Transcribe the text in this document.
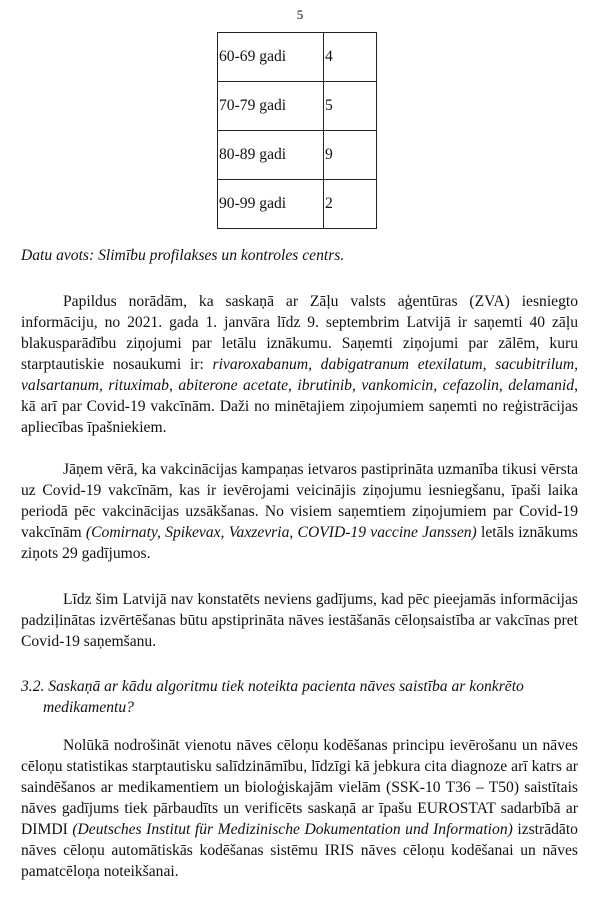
5
60-69 gadi	4
70-79 gadi	5
80-89 gadi	9
90-99 gadi	2
Datu avots: Slimību profilakses un kontroles centrs.

Papildus norādām, ka saskaņā ar Zāļu valsts aģentūras (ZVA) iesniegto informāciju, no 2021. gada 1. janvāra līdz 9. septembrim Latvijā ir saņemti 40 zāļu blakusparādību ziņojumi par letālu iznākumu. Saņemti ziņojumi par zālēm, kuru starptautiskie nosaukumi ir: rivaroxabanum, dabigatranum etexilatum, sacubitrilum, valsartanum, rituximab, abiterone acetate, ibrutinib, vankomicin, cefazolin, delamanid, kā arī par Covid-19 vakcīnām. Daži no minētajiem ziņojumiem saņemti no reģistrācijas apliecības īpašniekiem.

Jāņem vērā, ka vakcinācijas kampaņas ietvaros pastiprināta uzmanība tikusi vērsta uz Covid-19 vakcīnām, kas ir ievērojami veicinājis ziņojumu iesniegšanu, īpaši laika periodā pēc vakcinācijas uzsākšanas. No visiem saņemtiem ziņojumiem par Covid-19 vakcīnām (Comirnaty, Spikevax, Vaxzevria, COVID-19 vaccine Janssen) letāls iznākums ziņots 29 gadījumos.

Līdz šim Latvijā nav konstatēts neviens gadījums, kad pēc pieejamās informācijas padziļinātas izvērtēšanas būtu apstiprināta nāves iestāšanās cēloņsaistība ar vakcīnas pret Covid-19 saņemšanu.

3.2. Saskaņā ar kādu algoritmu tiek noteikta pacienta nāves saistība ar konkrēto
medikamentu?

Nolūkā nodrošināt vienotu nāves cēloņu kodēšanas principu ievērošanu un nāves cēloņu statistikas starptautisku salīdzināmību, līdzīgi kā jebkura cita diagnoze arī katrs ar saindēšanos ar medikamentiem un bioloģiskajām vielām (SSK-10 T36 – T50) saistītais nāves gadījums tiek pārbaudīts un verificēts saskaņā ar īpašu EUROSTAT sadarbībā ar DIMDI (Deutsches Institut für Medizinische Dokumentation und Information) izstrādāto nāves cēloņu automātiskās kodēšanas sistēmu IRIS nāves cēloņu kodēšanai un nāves pamatcēloņa noteikšanai.
